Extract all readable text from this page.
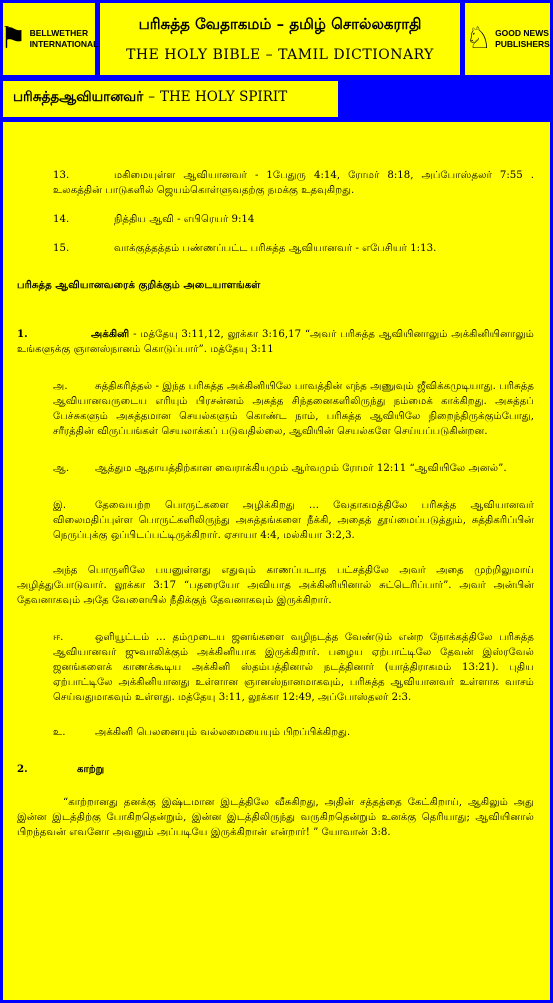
⚑ BELLWETHER
INTERNATIONAL
பரிசுத்த வேதாகமம் – தமிழ் சொல்லகராதி
THE HOLY BIBLE – TAMIL DICTIONARY	♘ GOOD NEWS
PUBLISHERS
பரிசுத்தஆவியானவர் – THE HOLY SPIRIT

13.	மகிமையுள்ள ஆவியானவர் - 1பேதுரு 4:14, ரோமர் 8:18, அப்போஸ்தலர் 7:55 . உலகத்தின் பாடுகளில் ஜெயம்கொள்ளுவதற்கு நமக்கு உதவுகிறது.

14.	நித்திய ஆவி - எபிரெயர் 9:14

15.	வாக்குத்தத்தம் பண்ணப்பட்ட பரிசுத்த ஆவியானவர் - எபேசியர் 1:13.

பரிசுத்த ஆவியானவரைக் குறிக்கும் அடையாளங்கள்

1.	அக்கினி - மத்தேயு 3:11,12, லூக்கா 3:16,17 “அவர் பரிசுத்த ஆவியினாலும் அக்கினியினாலும் உங்களுக்கு ஞானஸ்நானம் கொடுப்பார்”. மத்தேயு 3:11

அ.	சுத்திகரித்தல் - இந்த பரிசுத்த அக்கினியிலே பாவத்தின் எந்த அணுவும் ஜீவிக்கமுடியாது. பரிசுத்த ஆவியானவருடைய எரியும் பிரசன்னம் அசுத்த சிந்தனைகளிலிருந்து நம்மைக் காக்கிறது. அசுத்தப் பேச்சுகளும் அசுத்தமான செயல்களும் கொண்ட நாம், பரிசுத்த ஆவியிலே நிறைந்திருக்கும்போது, சரீரத்தின் விருப்பங்கள் செயலாக்கப் படுவதில்லை, ஆவியின் செயல்களே செய்யப்படுகின்றன.

ஆ.	ஆத்தும ஆதாயத்திற்கான வைராக்கியமும் ஆர்வமும் ரோமர் 12:11 “ஆவியிலே அனல்”.

இ.	தேவையற்ற பொருட்களை அழிக்கிறது … வேதாகமத்திலே பரிசுத்த ஆவியானவர் விலைமதிப்புள்ள பொருட்களிலிருந்து அசுத்தங்களை நீக்கி, அதைத் தூய்மைப்படுத்தும், சுத்திகரிப்பின் நெருப்புக்கு ஒப்பிடப்பட்டிருக்கிறார். ஏசாயா 4:4, மல்கியா 3:2,3.

அந்த பொருளிலே பயனுள்ளது எதுவும் காணப்படாத பட்சத்திலே அவர் அதை முற்றிலுமாய் அழித்துபோடுவார். லூக்கா 3:17 “பதரையோ அவியாத அக்கினியினால் சுட்டெரிப்பார்”. அவர் அன்பின் தேவனாகவும் அதே வேளையில் நீதிக்குந் தேவனாகவும் இருக்கிறார்.

ஈ.	ஒளியூட்டம் … தம்முடைய ஜனங்களை வழிநடத்த வேண்டும் என்ற நோக்கத்திலே பரிசுத்த ஆவியானவர் ஜுவாலிக்கும் அக்கினியாக இருக்கிறார். பழைய ஏற்பாட்டிலே தேவன் இஸ்ரவேல் ஜனங்களைக் காணக்கூடிய அக்கினி ஸ்தம்பத்தினால் நடத்தினார் (யாத்திராகமம் 13:21). புதிய ஏற்பாட்டிலே அக்கினியானது உள்ளான ஞானஸ்நானமாகவும், பரிசுத்த ஆவியானவர் உள்ளாக வாசம் செய்வதுமாகவும் உள்ளது. மத்தேயு 3:11, லூக்கா 12:49, அப்போஸ்தலர் 2:3.

உ.	அக்கினி பெலனையும் வல்லமையையும் பிறப்பிக்கிறது.

2.	காற்று

“காற்றானது தனக்கு இஷ்டமான இடத்திலே வீசுகிறது, அதின் சத்தத்தை கேட்கிறாய், ஆகிலும் அது இன்ன இடத்திற்கு போகிறதென்றும், இன்ன இடத்திலிருந்து வருகிறதென்றும் உனக்கு தெரியாது; ஆவியினால் பிறந்தவன் எவனோ அவனும் அப்படியே இருக்கிறான் என்றார்! ” யோவான் 3:8.
